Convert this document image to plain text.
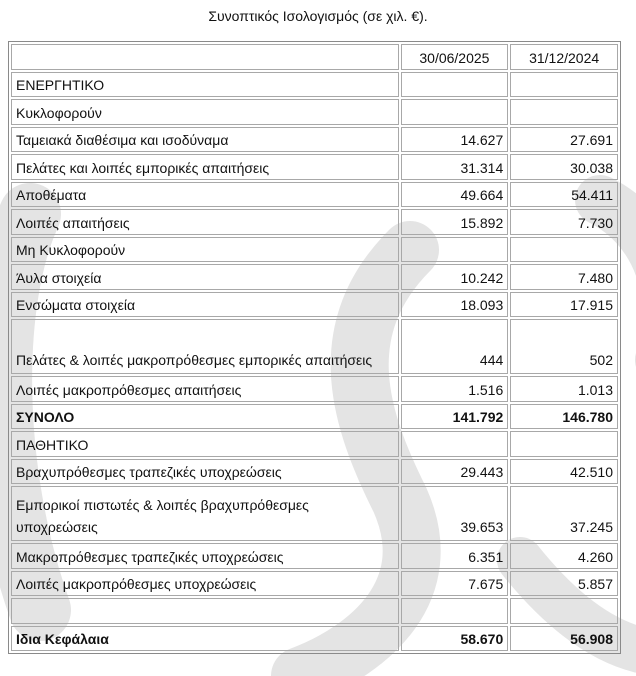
Συνοπτικός Ισολογισμός (σε χιλ. €).
	30/06/2025	31/12/2024
ΕΝΕΡΓΗΤΙΚΟ		
Κυκλοφορούν		
Ταμειακά διαθέσιμα και ισοδύναμα	14.627	27.691
Πελάτες και λοιπές εμπορικές απαιτήσεις	31.314	30.038
Αποθέματα	49.664	54.411
Λοιπές απαιτήσεις	15.892	7.730
Μη Κυκλοφορούν		
Άυλα στοιχεία	10.242	7.480
Ενσώματα στοιχεία	18.093	17.915
Πελάτες & λοιπές μακροπρόθεσμες εμπορικές απαιτήσεις	444	502
Λοιπές μακροπρόθεσμες απαιτήσεις	1.516	1.013
ΣΥΝΟΛΟ	141.792	146.780
ΠΑΘΗΤΙΚΟ		
Βραχυπρόθεσμες τραπεζικές υποχρεώσεις	29.443	42.510
Εμπορικοί πιστωτές & λοιπές βραχυπρόθεσμες υποχρεώσεις	39.653	37.245
Μακροπρόθεσμες τραπεζικές υποχρεώσεις	6.351	4.260
Λοιπές μακροπρόθεσμες υποχρεώσεις	7.675	5.857

Ιδια Κεφάλαια	58.670	56.908
